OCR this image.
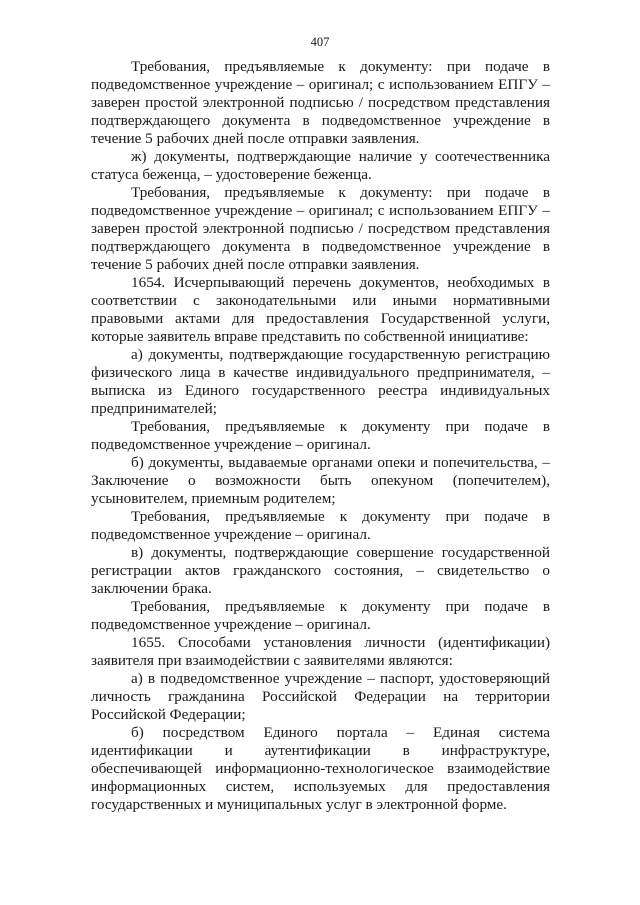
407

Требования, предъявляемые к документу: при подаче в подведомственное учреждение – оригинал; с использованием ЕПГУ – заверен простой электронной подписью / посредством представления подтверждающего документа в подведомственное учреждение в течение 5 рабочих дней после отправки заявления.

ж) документы, подтверждающие наличие у соотечественника статуса беженца, – удостоверение беженца.

Требования, предъявляемые к документу: при подаче в подведомственное учреждение – оригинал; с использованием ЕПГУ – заверен простой электронной подписью / посредством представления подтверждающего документа в подведомственное учреждение в течение 5 рабочих дней после отправки заявления.

1654. Исчерпывающий перечень документов, необходимых в соответствии с законодательными или иными нормативными правовыми актами для предоставления Государственной услуги, которые заявитель вправе представить по собственной инициативе:

а) документы, подтверждающие государственную регистрацию физического лица в качестве индивидуального предпринимателя, – выписка из Единого государственного реестра индивидуальных предпринимателей;

Требования, предъявляемые к документу при подаче в подведомственное учреждение – оригинал.

б) документы, выдаваемые органами опеки и попечительства, – Заключение о возможности быть опекуном (попечителем), усыновителем, приемным родителем;

Требования, предъявляемые к документу при подаче в подведомственное учреждение – оригинал.

в) документы, подтверждающие совершение государственной регистрации актов гражданского состояния, – свидетельство о заключении брака.

Требования, предъявляемые к документу при подаче в подведомственное учреждение – оригинал.

1655. Способами установления личности (идентификации) заявителя при взаимодействии с заявителями являются:

а) в подведомственное учреждение – паспорт, удостоверяющий личность гражданина Российской Федерации на территории Российской Федерации;

б) посредством Единого портала – Единая система идентификации и аутентификации в инфраструктуре, обеспечивающей информационно-технологическое взаимодействие информационных систем, используемых для предоставления государственных и муниципальных услуг в электронной форме.
